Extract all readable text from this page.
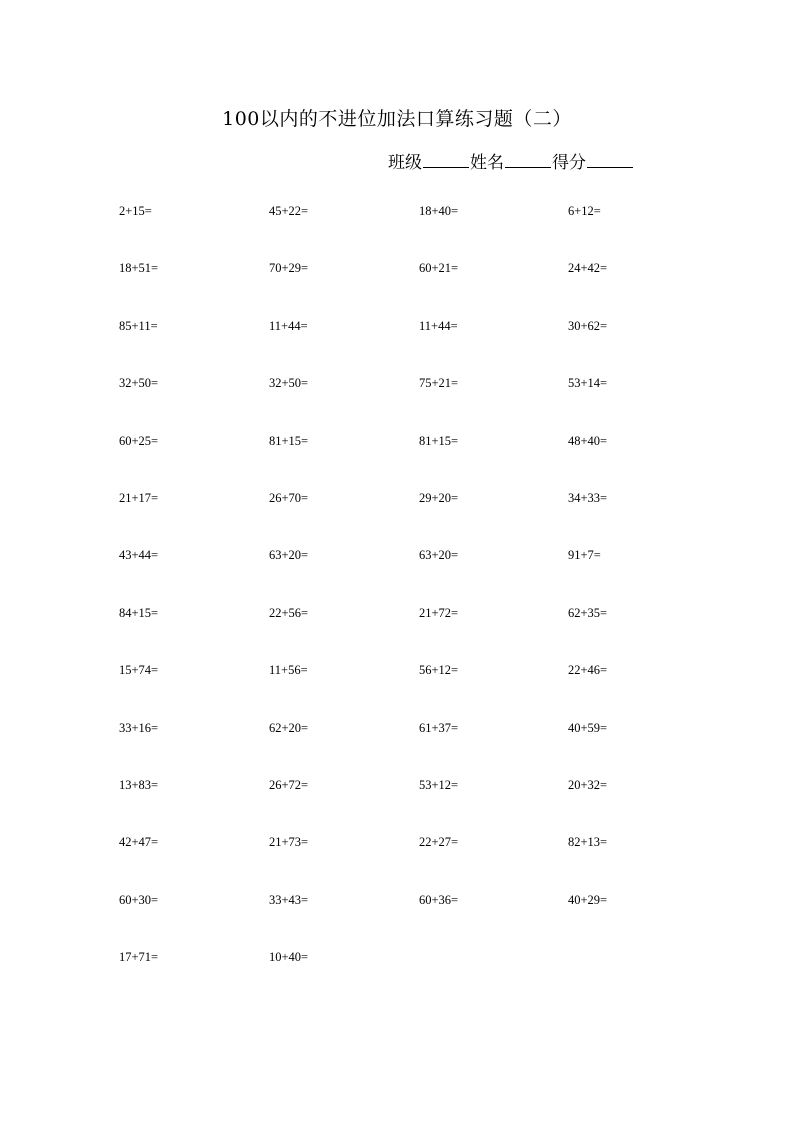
100以内的不进位加法口算练习题（二）
班级	姓名	得分
2+15=	45+22=	18+40=	6+12=
18+51=	70+29=	60+21=	24+42=
85+11=	11+44=	11+44=	30+62=
32+50=	32+50=	75+21=	53+14=
60+25=	81+15=	81+15=	48+40=
21+17=	26+70=	29+20=	34+33=
43+44=	63+20=	63+20=	91+7=
84+15=	22+56=	21+72=	62+35=
15+74=	11+56=	56+12=	22+46=
33+16=	62+20=	61+37=	40+59=
13+83=	26+72=	53+12=	20+32=
42+47=	21+73=	22+27=	82+13=
60+30=	33+43=	60+36=	40+29=
17+71=	10+40=
